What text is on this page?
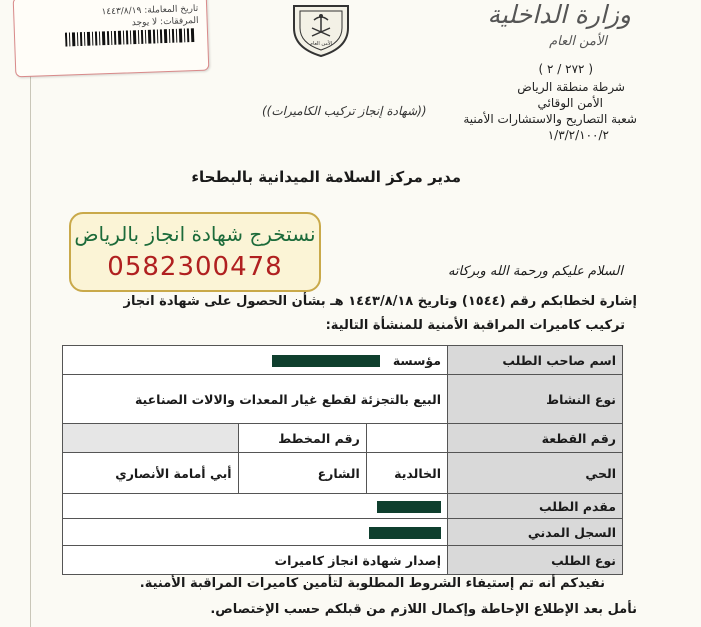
تاريخ المعاملة: ١٤٤٣/٨/١٩
المرفقات: لا يوجد
الأمن العام
وزارة الداخلية
الأمن العام
( ٢٧٢ / ٢ )
شرطة منطقة الرياض
الأمن الوقائي
شعبة التصاريح والاستشارات الأمنية
١/٣/٢/١٠٠/٢
((شهادة إنجاز تركيب الكاميرات))
مدير مركز السلامة الميدانية بالبطحاء
نستخرج شهادة انجاز بالرياض
0582300478	السلام عليكم ورحمة الله وبركاته
إشارة لخطابكم رقم (١٥٤٤) وتاريخ ١٤٤٣/٨/١٨ هـ بشأن الحصول على شهادة انجاز
تركيب كاميرات المراقبة الأمنية للمنشأة التالية:
اسم صاحب الطلب	مؤسسة		
نوع النشاط	البيع بالتجزئة لقطع غيار المعدات والالات الصناعية		
رقم القطعة		رقم المخطط	
الحي	الخالدية	الشارع	أبي أمامة الأنصاري
مقدم الطلب			
السجل المدني			
نوع الطلب	إصدار شهادة انجاز كاميرات		
نفيدكم أنه تم إستيفاء الشروط المطلوبة لتأمين كاميرات المراقبة الأمنية.
نأمل بعد الإطلاع الإحاطة وإكمال اللازم من قبلكم حسب الإختصاص.
